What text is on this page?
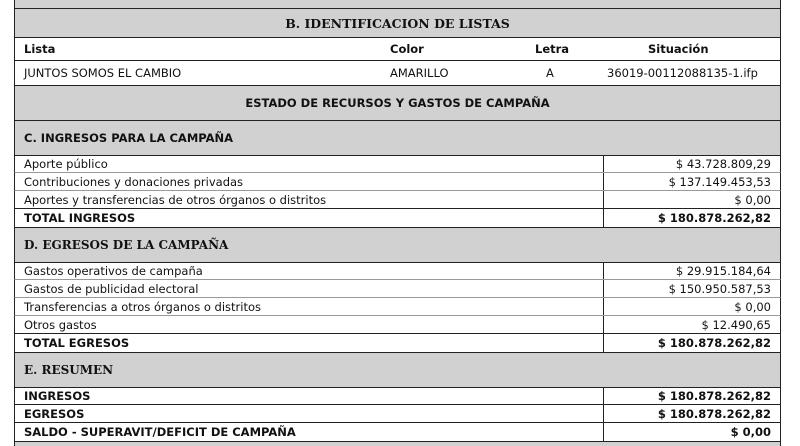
B. IDENTIFICACION DE LISTAS
Lista	Color	Letra	Situación
JUNTOS SOMOS EL CAMBIO	AMARILLO	A	36019-00112088135-1.ifp
ESTADO DE RECURSOS Y GASTOS DE CAMPAÑA
C. INGRESOS PARA LA CAMPAÑA
Aporte público	$ 43.728.809,29
Contribuciones y donaciones privadas	$ 137.149.453,53
Aportes y transferencias de otros órganos o distritos	$ 0,00
TOTAL INGRESOS	$ 180.878.262,82
D. EGRESOS DE LA CAMPAÑA
Gastos operativos de campaña	$ 29.915.184,64
Gastos de publicidad electoral	$ 150.950.587,53
Transferencias a otros órganos o distritos	$ 0,00
Otros gastos	$ 12.490,65
TOTAL EGRESOS	$ 180.878.262,82
E. RESUMEN
INGRESOS	$ 180.878.262,82
EGRESOS	$ 180.878.262,82
SALDO - SUPERAVIT/DEFICIT DE CAMPAÑA	$ 0,00
